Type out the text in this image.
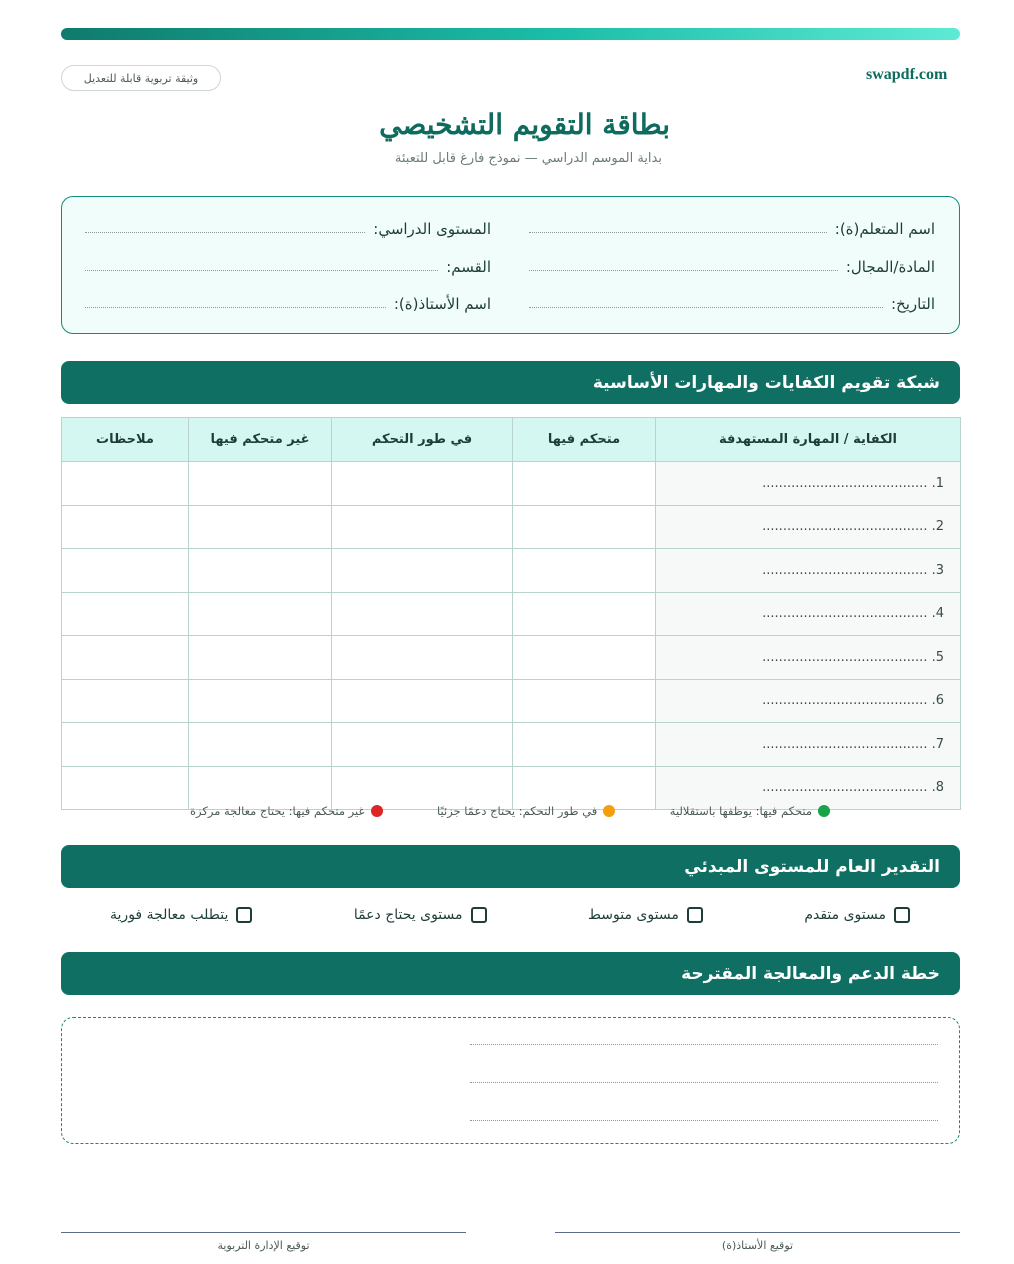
swapdf.com
وثيقة تربوية قابلة للتعديل
بطاقة التقويم التشخيصي
بداية الموسم الدراسي — نموذج فارغ قابل للتعبئة
اسم المتعلم(ة):
المستوى الدراسي:
المادة/المجال:
القسم:
التاريخ:
اسم الأستاذ(ة):
شبكة تقويم الكفايات والمهارات الأساسية
الكفاية / المهارة المستهدفة	متحكم فيها	في طور التحكم	غير متحكم فيها	ملاحظات
1. ........................................				
2. ........................................				
3. ........................................				
4. ........................................				
5. ........................................				
6. ........................................				
7. ........................................				
8. ........................................				
متحكم فيها: يوظفها باستقلالية
في طور التحكم: يحتاج دعمًا جزئيًا
غير متحكم فيها: يحتاج معالجة مركزة
التقدير العام للمستوى المبدئي
مستوى متقدم
مستوى متوسط
مستوى يحتاج دعمًا
يتطلب معالجة فورية
خطة الدعم والمعالجة المقترحة
توقيع الأستاذ(ة)
توقيع الإدارة التربوية
